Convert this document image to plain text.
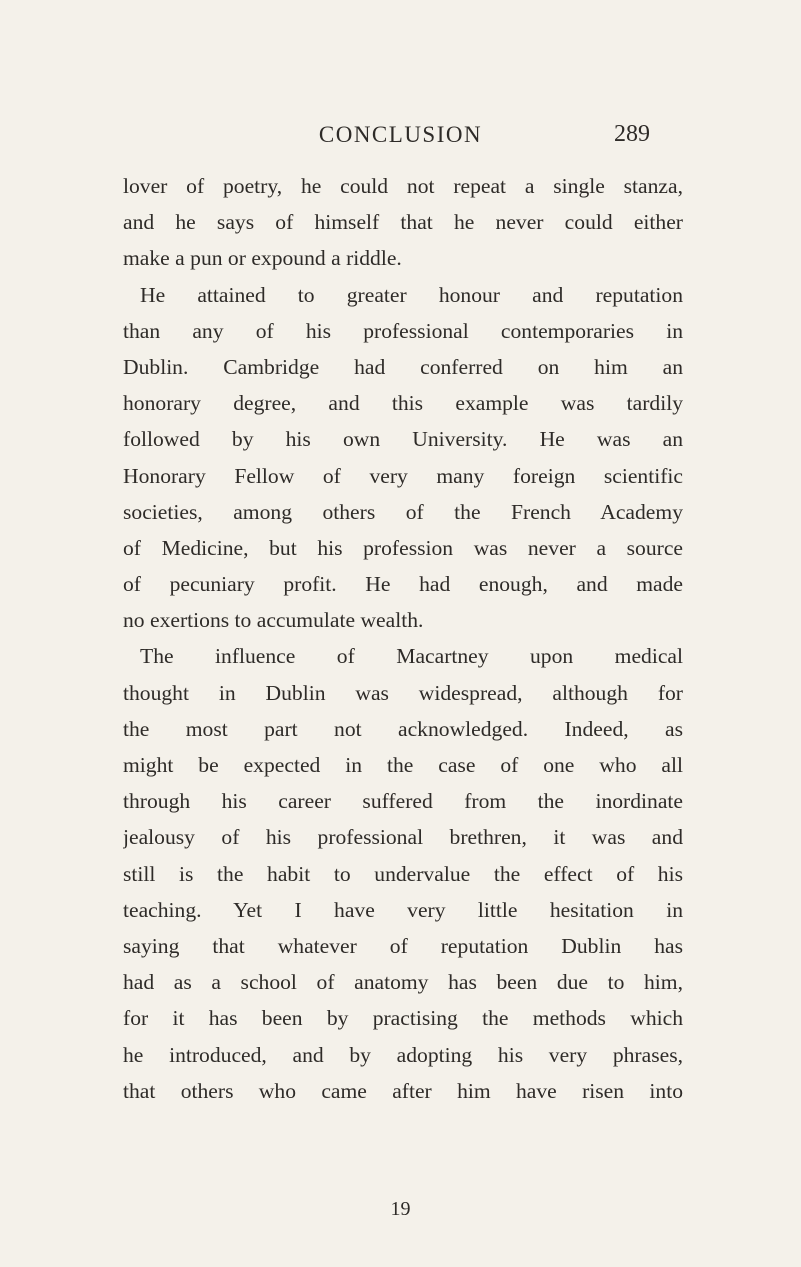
CONCLUSION	289
lover of poetry, he could not repeat a single stanza,
and he says of himself that he never could either
make a pun or expound a riddle.
He attained to greater honour and reputation
than any of his professional contemporaries in
Dublin. Cambridge had conferred on him an
honorary degree, and this example was tardily
followed by his own University. He was an
Honorary Fellow of very many foreign scientific
societies, among others of the French Academy
of Medicine, but his profession was never a source
of pecuniary profit. He had enough, and made
no exertions to accumulate wealth.
The influence of Macartney upon medical
thought in Dublin was widespread, although for
the most part not acknowledged. Indeed, as
might be expected in the case of one who all
through his career suffered from the inordinate
jealousy of his professional brethren, it was and
still is the habit to undervalue the effect of his
teaching. Yet I have very little hesitation in
saying that whatever of reputation Dublin has
had as a school of anatomy has been due to him,
for it has been by practising the methods which
he introduced, and by adopting his very phrases,
that others who came after him have risen into
19
